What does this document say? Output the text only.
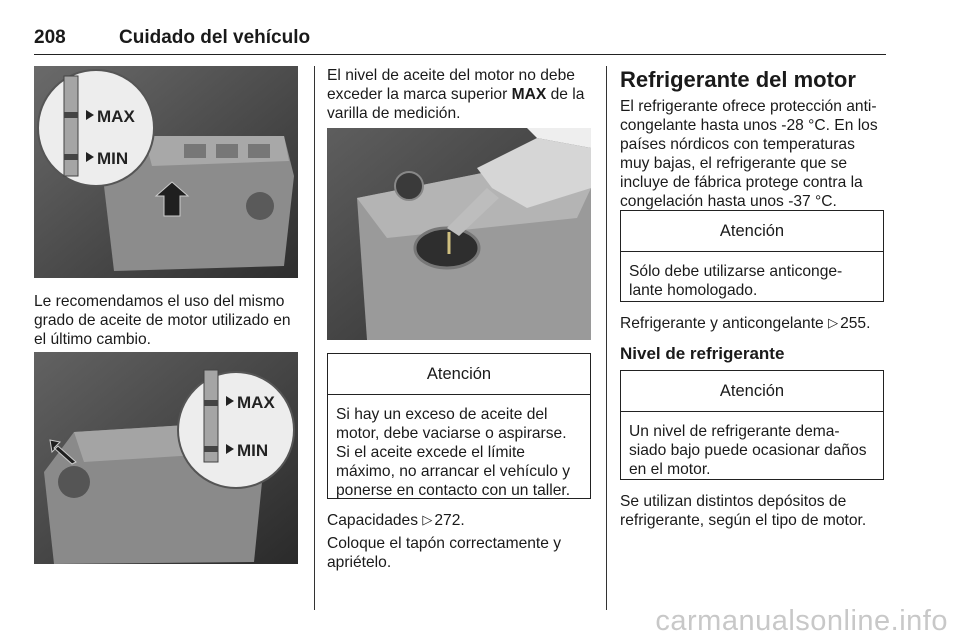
208	Cuidado del vehículo
MAX
MIN

Le recomendamos el uso del mismo grado de aceite de motor utilizado en el último cambio.

MAX
MIN

El nivel de aceite del motor no debe exceder la marca superior MAX de la varilla de medición.

Atención
Si hay un exceso de aceite del motor, debe vaciarse o aspirarse. Si el aceite excede el límite máximo, no arrancar el vehículo y ponerse en contacto con un taller.

Capacidades ▷ 272.

Coloque el tapón correctamente y apriételo.

Refrigerante del motor

El refrigerante ofrece protección anti-congelante hasta unos -28 °C. En los países nórdicos con temperaturas muy bajas, el refrigerante que se incluye de fábrica protege contra la congelación hasta unos -37 °C.

Atención
Sólo debe utilizarse anticonge-lante homologado.

Refrigerante y anticongelante ▷ 255.

Nivel de refrigerante
Atención
Un nivel de refrigerante dema-siado bajo puede ocasionar daños en el motor.

Se utilizan distintos depósitos de refrigerante, según el tipo de motor.

carmanualsonline.info
